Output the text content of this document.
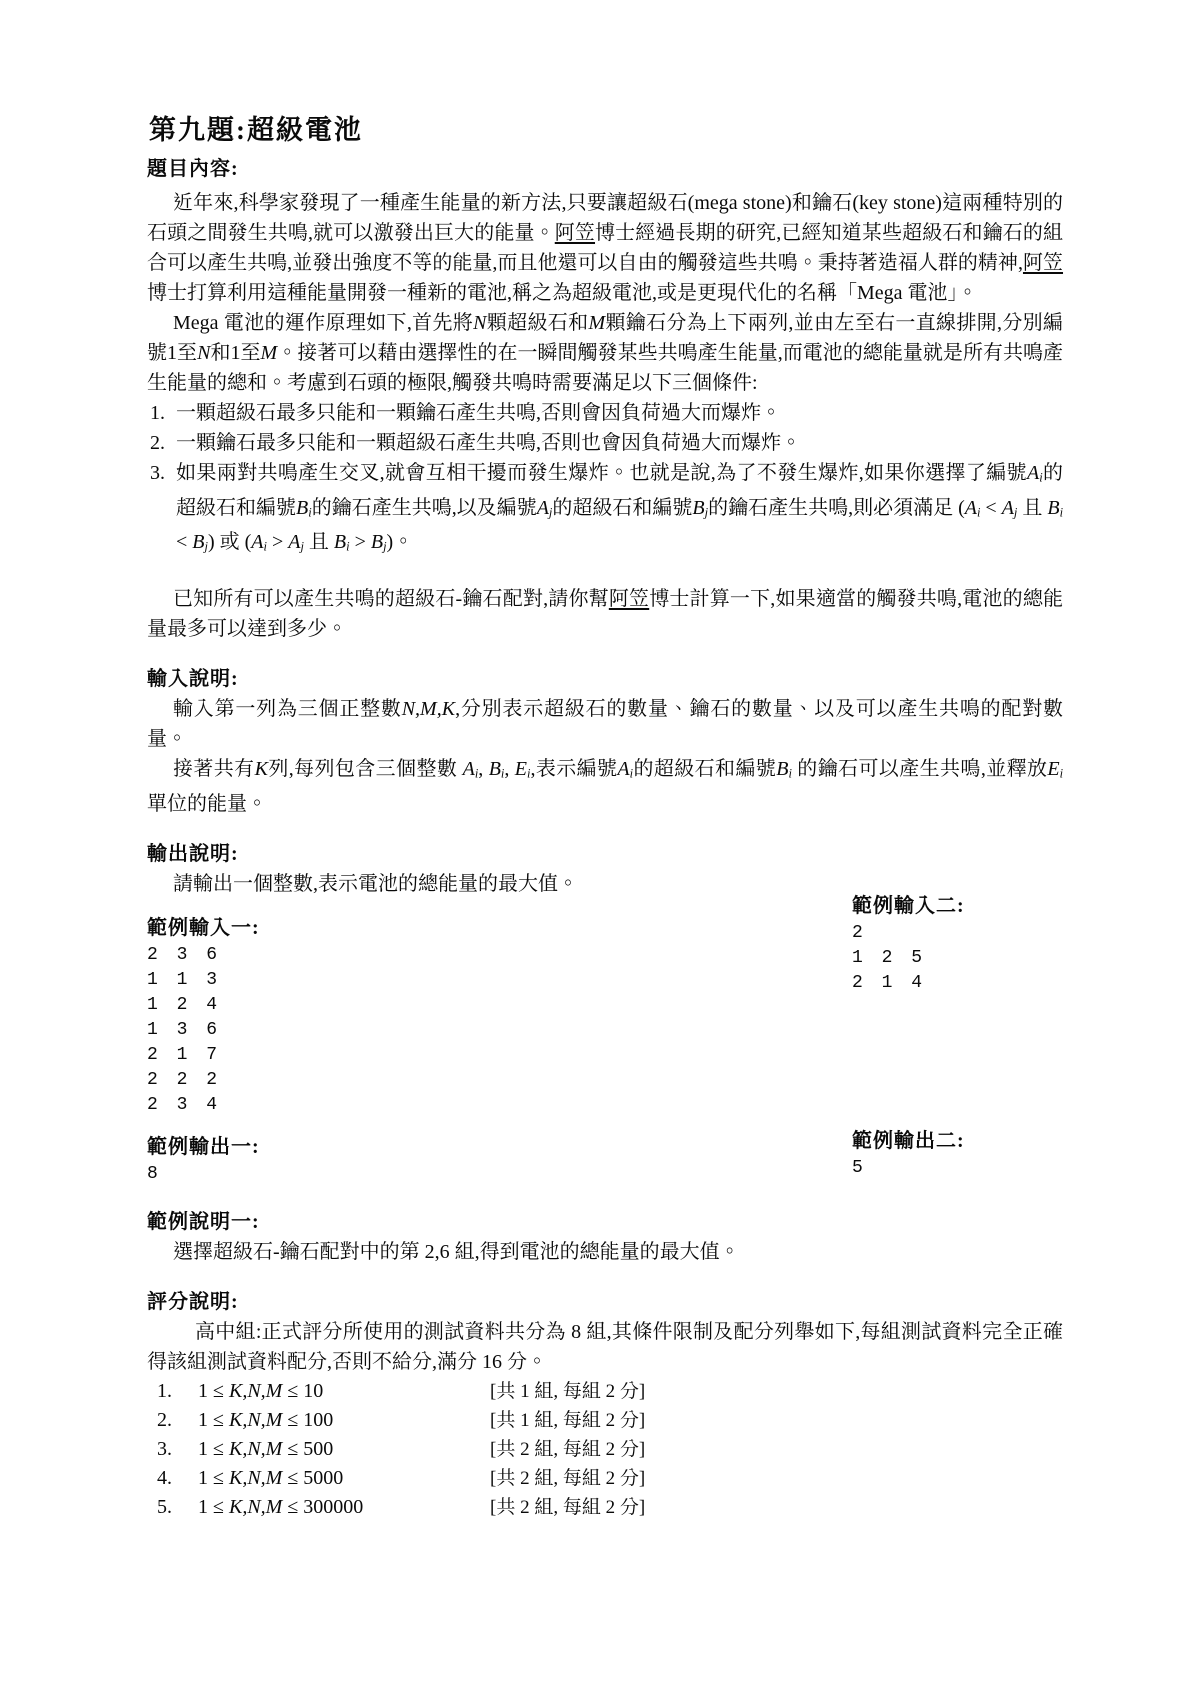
第九題:超級電池
題目內容:

近年來,科學家發現了一種產生能量的新方法,只要讓超級石(mega stone)和鑰石(key stone)這兩種特別的石頭之間發生共鳴,就可以激發出巨大的能量。阿笠博士經過長期的研究,已經知道某些超級石和鑰石的組合可以產生共鳴,並發出強度不等的能量,而且他還可以自由的觸發這些共鳴。秉持著造福人群的精神,阿笠博士打算利用這種能量開發一種新的電池,稱之為超級電池,或是更現代化的名稱「Mega 電池」。

Mega 電池的運作原理如下,首先將N顆超級石和M顆鑰石分為上下兩列,並由左至右一直線排開,分別編號1至N和1至M。接著可以藉由選擇性的在一瞬間觸發某些共鳴產生能量,而電池的總能量就是所有共鳴產生能量的總和。考慮到石頭的極限,觸發共鳴時需要滿足以下三個條件:

1. 一顆超級石最多只能和一顆鑰石產生共鳴,否則會因負荷過大而爆炸。
2. 一顆鑰石最多只能和一顆超級石產生共鳴,否則也會因負荷過大而爆炸。
3. 如果兩對共鳴產生交叉,就會互相干擾而發生爆炸。也就是說,為了不發生爆炸,如果你選擇了編號Ai的超級石和編號Bi的鑰石產生共鳴,以及編號Aj的超級石和編號Bj的鑰石產生共鳴,則必須滿足 (Ai < Aj 且 Bi < Bj) 或 (Ai > Aj 且 Bi > Bj)。

已知所有可以產生共鳴的超級石-鑰石配對,請你幫阿笠博士計算一下,如果適當的觸發共鳴,電池的總能量最多可以達到多少。

輸入說明:

輸入第一列為三個正整數N,M,K,分別表示超級石的數量、鑰石的數量、以及可以產生共鳴的配對數量。

接著共有K列,每列包含三個整數 Ai, Bi, Ei,表示編號Ai的超級石和編號Bi 的鑰石可以產生共鳴,並釋放Ei單位的能量。

輸出說明:

請輸出一個整數,表示電池的總能量的最大值。

範例輸入一:
2 3 6
1 1 3
1 2 4
1 3 6
2 1 7
2 2 2
2 3 4
範例輸出一:
8
範例輸入二:
2
1 2 5
2 1 4
範例輸出二:
5
範例說明一:

選擇超級石-鑰石配對中的第 2,6 組,得到電池的總能量的最大值。

評分說明:

高中組:正式評分所使用的測試資料共分為 8 組,其條件限制及配分列舉如下,每組測試資料完全正確得該組測試資料配分,否則不給分,滿分 16 分。

1.	1 ≤ K,N,M ≤ 10	[共 1 組, 每組 2 分]
2.	1 ≤ K,N,M ≤ 100	[共 1 組, 每組 2 分]
3.	1 ≤ K,N,M ≤ 500	[共 2 組, 每組 2 分]
4.	1 ≤ K,N,M ≤ 5000	[共 2 組, 每組 2 分]
5.	1 ≤ K,N,M ≤ 300000	[共 2 組, 每組 2 分]
